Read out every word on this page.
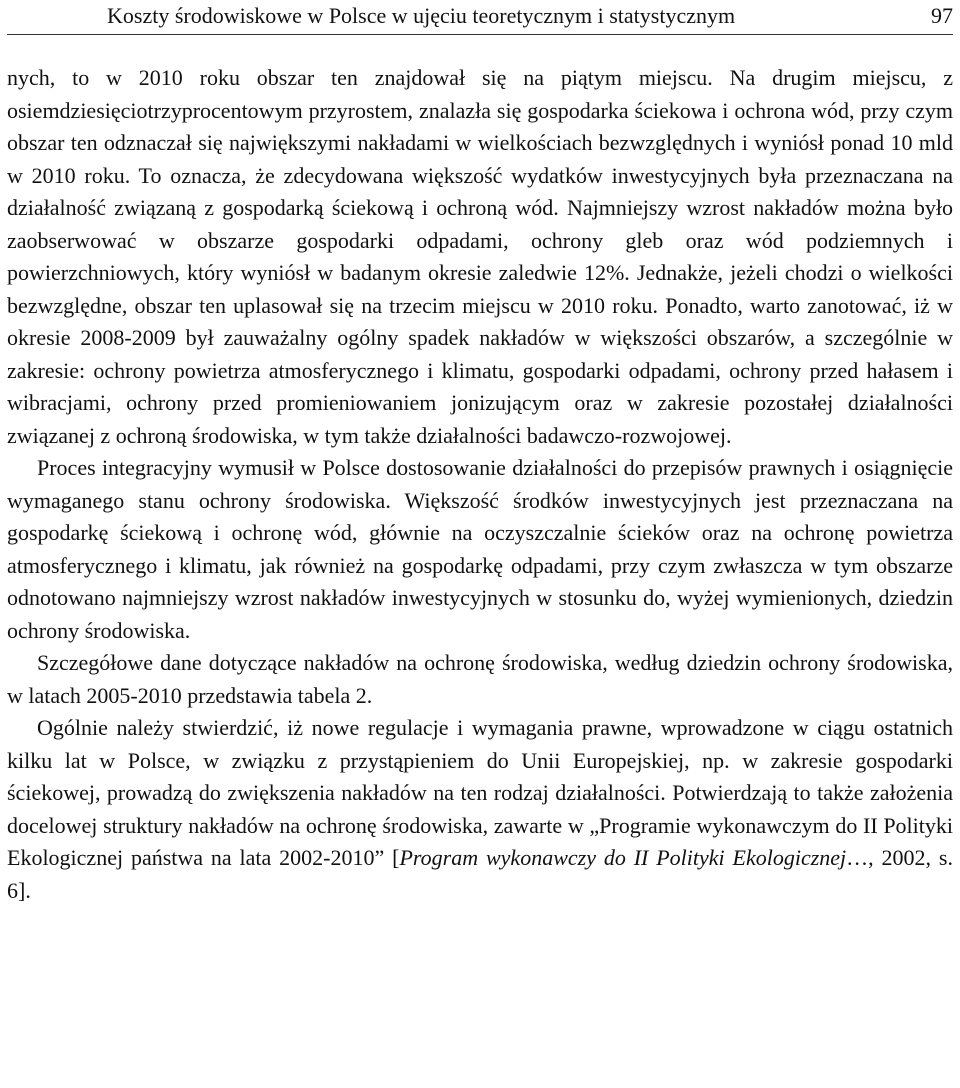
Koszty środowiskowe w Polsce w ujęciu teoretycznym i statystycznym	97

nych, to w 2010 roku obszar ten znajdował się na piątym miejscu. Na drugim miejscu, z osiemdziesięciotrzyprocentowym przyrostem, znalazła się gospodarka ściekowa i ochrona wód, przy czym obszar ten odznaczał się największymi nakładami w wielkościach bezwzględnych i wyniósł ponad 10 mld w 2010 roku. To oznacza, że zdecydowana większość wydatków inwestycyjnych była przeznaczana na działalność związaną z gospodarką ściekową i ochroną wód. Najmniejszy wzrost nakładów można było zaobserwować w obszarze gospodarki odpadami, ochrony gleb oraz wód podziemnych i powierzchniowych, który wyniósł w badanym okresie zaledwie 12%. Jednakże, jeżeli chodzi o wielkości bezwzględne, obszar ten uplasował się na trzecim miejscu w 2010 roku. Ponadto, warto zanotować, iż w okresie 2008-2009 był zauważalny ogólny spadek nakładów w większości obszarów, a szczególnie w zakresie: ochrony powietrza atmosferycznego i klimatu, gospodarki odpadami, ochrony przed hałasem i wibracjami, ochrony przed promieniowaniem jonizującym oraz w zakresie pozostałej działalności związanej z ochroną środowiska, w tym także działalności badawczo-rozwojowej.

Proces integracyjny wymusił w Polsce dostosowanie działalności do przepisów prawnych i osiągnięcie wymaganego stanu ochrony środowiska. Większość środków inwestycyjnych jest przeznaczana na gospodarkę ściekową i ochronę wód, głównie na oczyszczalnie ścieków oraz na ochronę powietrza atmosferycznego i klimatu, jak również na gospodarkę odpadami, przy czym zwłaszcza w tym obszarze odnotowano najmniejszy wzrost nakładów inwestycyjnych w stosunku do, wyżej wymienionych, dziedzin ochrony środowiska.

Szczegółowe dane dotyczące nakładów na ochronę środowiska, według dziedzin ochrony środowiska, w latach 2005-2010 przedstawia tabela 2.

Ogólnie należy stwierdzić, iż nowe regulacje i wymagania prawne, wprowadzone w ciągu ostatnich kilku lat w Polsce, w związku z przystąpieniem do Unii Europejskiej, np. w zakresie gospodarki ściekowej, prowadzą do zwiększenia nakładów na ten rodzaj działalności. Potwierdzają to także założenia docelowej struktury nakładów na ochronę środowiska, zawarte w „Programie wykonawczym do II Polityki Ekologicznej państwa na lata 2002-2010” [Program wykonawczy do II Polityki Ekologicznej…, 2002, s. 6].
